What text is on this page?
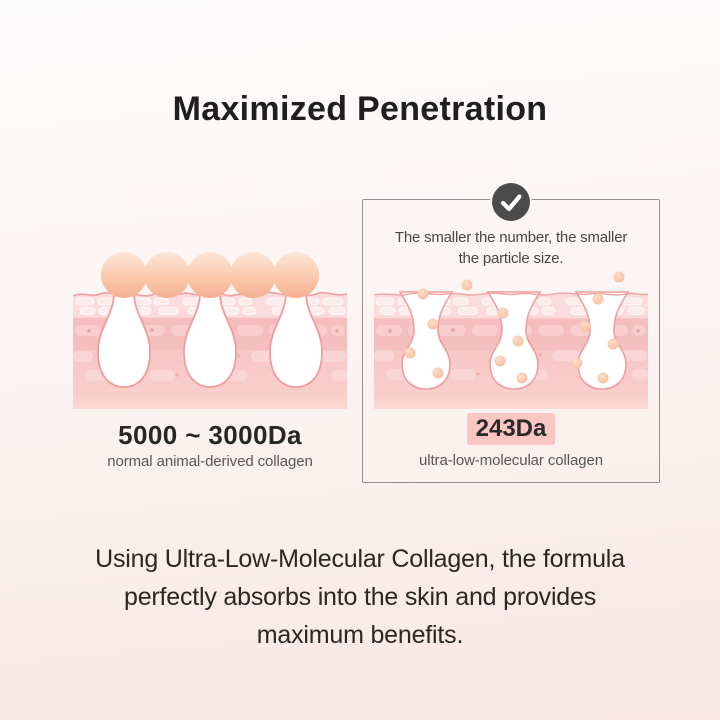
Maximized Penetration
5000 ~ 3000Da
normal animal-derived collagen

The smaller the number, the smaller
the particle size.

243Da
ultra-low-molecular collagen

Using Ultra-Low-Molecular Collagen, the formula
perfectly absorbs into the skin and provides
maximum benefits.
